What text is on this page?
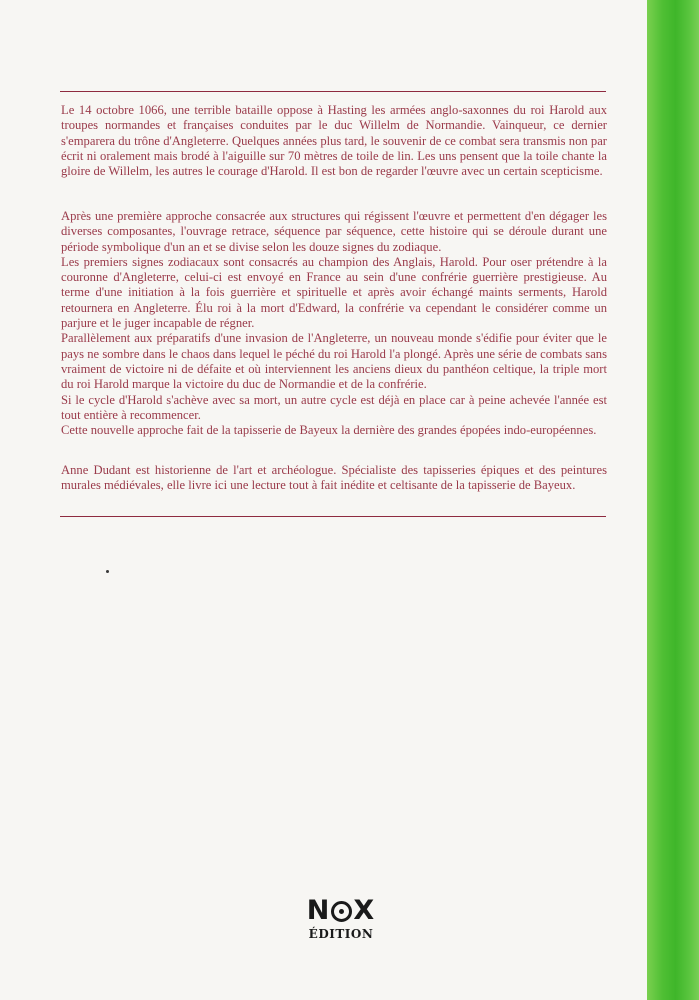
Le 14 octobre 1066, une terrible bataille oppose à Hasting les armées anglo-saxonnes du roi Harold aux troupes normandes et françaises conduites par le duc Willelm de Normandie. Vainqueur, ce dernier s'emparera du trône d'Angleterre. Quelques années plus tard, le souvenir de ce combat sera transmis non par écrit ni oralement mais brodé à l'aiguille sur 70 mètres de toile de lin. Les uns pensent que la toile chante la gloire de Willelm, les autres le courage d'Harold. Il est bon de regarder l'œuvre avec un certain scepticisme.

Après une première approche consacrée aux structures qui régissent l'œuvre et permettent d'en dégager les diverses composantes, l'ouvrage retrace, séquence par séquence, cette histoire qui se déroule durant une période symbolique d'un an et se divise selon les douze signes du zodiaque.

Les premiers signes zodiacaux sont consacrés au champion des Anglais, Harold. Pour oser prétendre à la couronne d'Angleterre, celui-ci est envoyé en France au sein d'une confrérie guerrière prestigieuse. Au terme d'une initiation à la fois guerrière et spirituelle et après avoir échangé maints serments, Harold retournera en Angleterre. Élu roi à la mort d'Edward, la confrérie va cependant le considérer comme un parjure et le juger incapable de régner.

Parallèlement aux préparatifs d'une invasion de l'Angleterre, un nouveau monde s'édifie pour éviter que le pays ne sombre dans le chaos dans lequel le péché du roi Harold l'a plongé. Après une série de combats sans vraiment de victoire ni de défaite et où interviennent les anciens dieux du panthéon celtique, la triple mort du roi Harold marque la victoire du duc de Normandie et de la confrérie.

Si le cycle d'Harold s'achève avec sa mort, un autre cycle est déjà en place car à peine achevée l'année est tout entière à recommencer.

Cette nouvelle approche fait de la tapisserie de Bayeux la dernière des grandes épopées indo-européennes.

Anne Dudant est historienne de l'art et archéologue. Spécialiste des tapisseries épiques et des peintures murales médiévales, elle livre ici une lecture tout à fait inédite et celtisante de la tapisserie de Bayeux.

N X
ÉDITION
